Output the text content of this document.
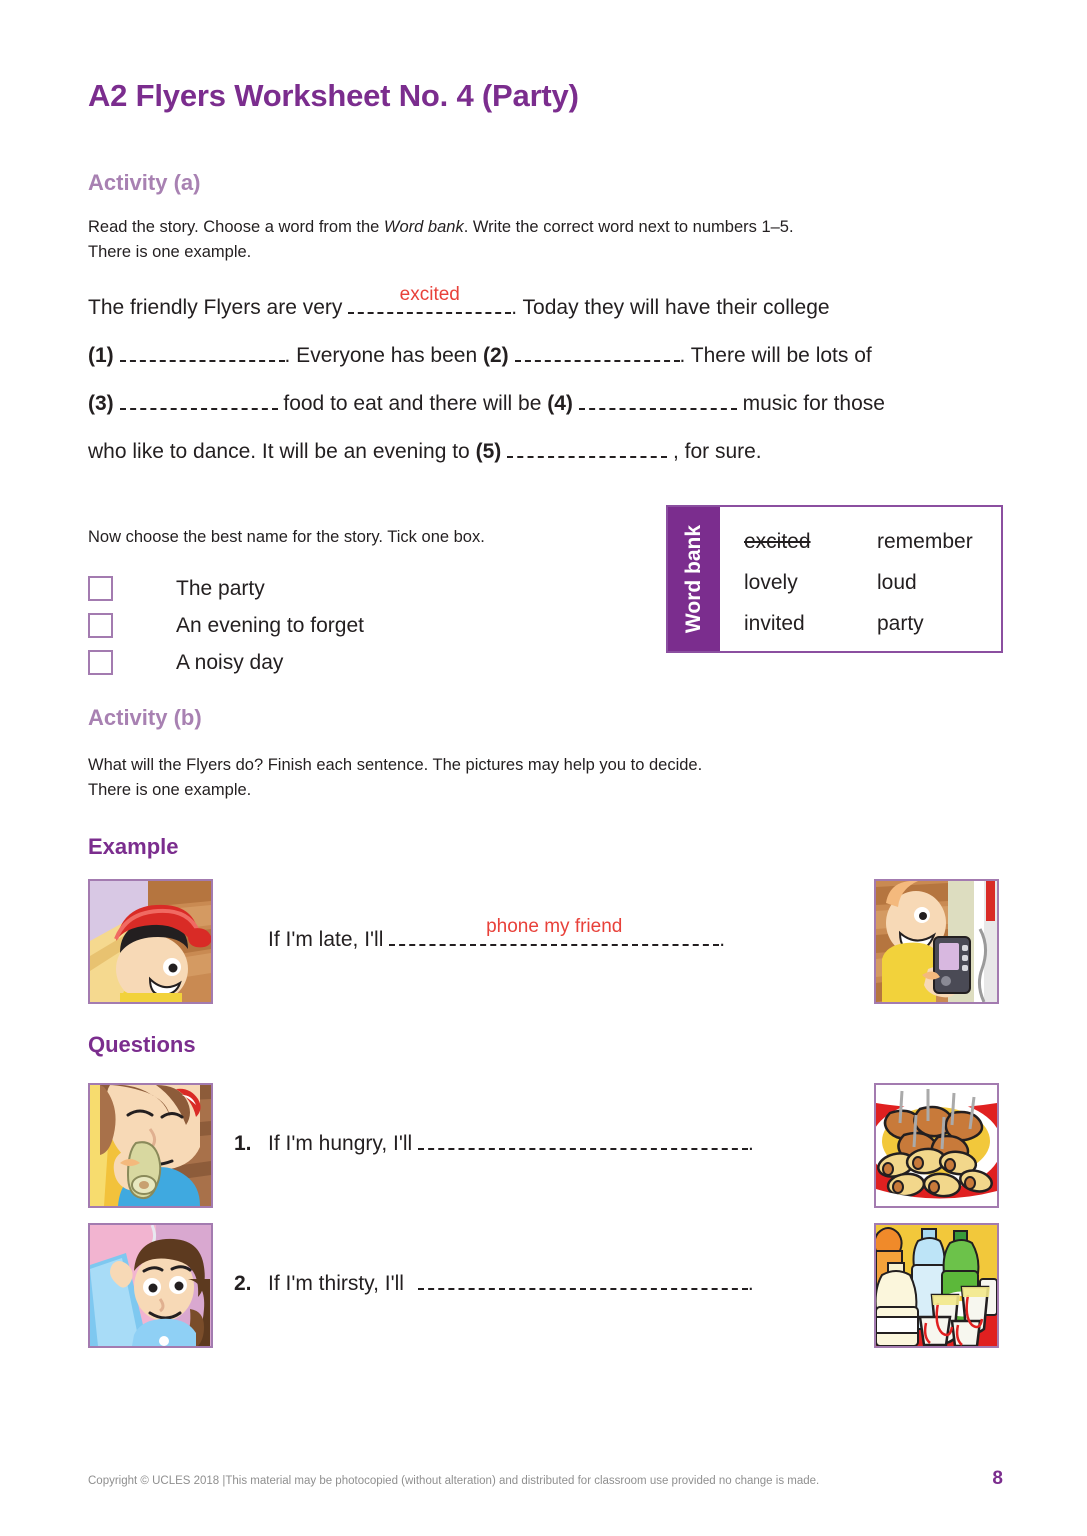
A2 Flyers Worksheet No. 4 (Party)
Activity (a)
Read the story. Choose a word from the Word bank. Write the correct word next to numbers 1–5.
There is one example.
The friendly Flyers are very
excited
. Today they will have their college
(1)	. Everyone has been (2)	. There will be lots of
(3)	food to eat and there will be (4)	music for those
who like to dance. It will be an evening to (5)	, for sure.
Now choose the best name for the story. Tick one box.
The party
An evening to forget
A noisy day
Word bank excited	remember
lovely	loud
invited	party
Activity (b)
What will the Flyers do? Finish each sentence. The pictures may help you to decide.
There is one example.
Example
If I'm late, I'll
phone my friend
.
Questions
1. If I'm hungry, I'll	.
2. If I'm thirsty, I'll	.
Copyright © UCLES 2018 |This material may be photocopied (without alteration) and distributed for classroom use provided no change is made.	8
